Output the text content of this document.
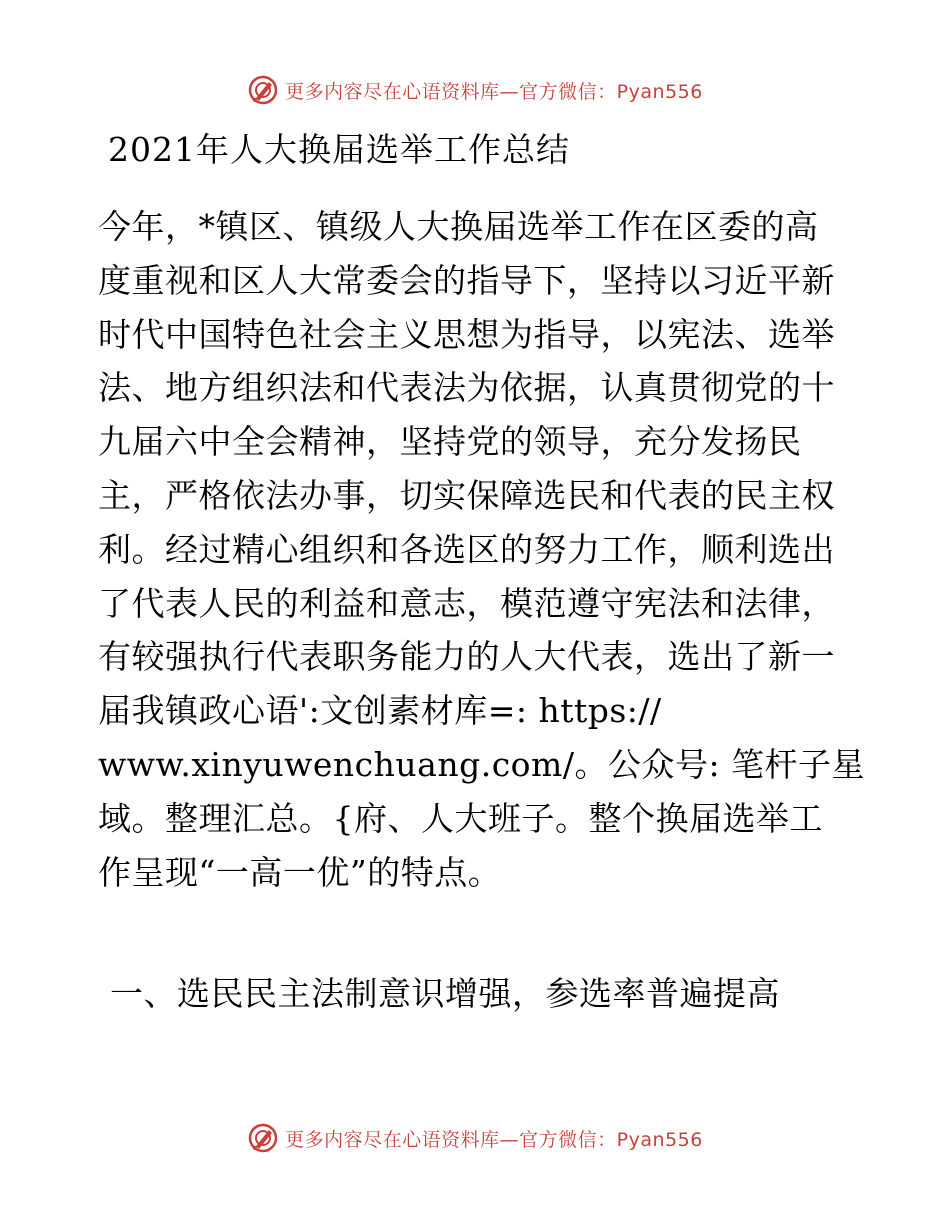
更多内容尽在心语资料库—官方微信：Pyan556
2021年人大换届选举工作总结
今年，*镇区、镇级人大换届选举工作在区委的高
度重视和区人大常委会的指导下，坚持以习近平新
时代中国特色社会主义思想为指导，以宪法、选举
法、地方组织法和代表法为依据，认真贯彻党的十
九届六中全会精神，坚持党的领导，充分发扬民
主，严格依法办事，切实保障选民和代表的民主权
利。经过精心组织和各选区的努力工作，顺利选出
了代表人民的利益和意志，模范遵守宪法和法律，
有较强执行代表职务能力的人大代表，选出了新一
届我镇政心语':文创素材库=: https://
www.xinyuwenchuang.com/。公众号: 笔杆子星
域。整理汇总。{府、人大班子。整个换届选举工
作呈现“一高一优”的特点。
一、选民民主法制意识增强，参选率普遍提高
更多内容尽在心语资料库—官方微信：Pyan556
